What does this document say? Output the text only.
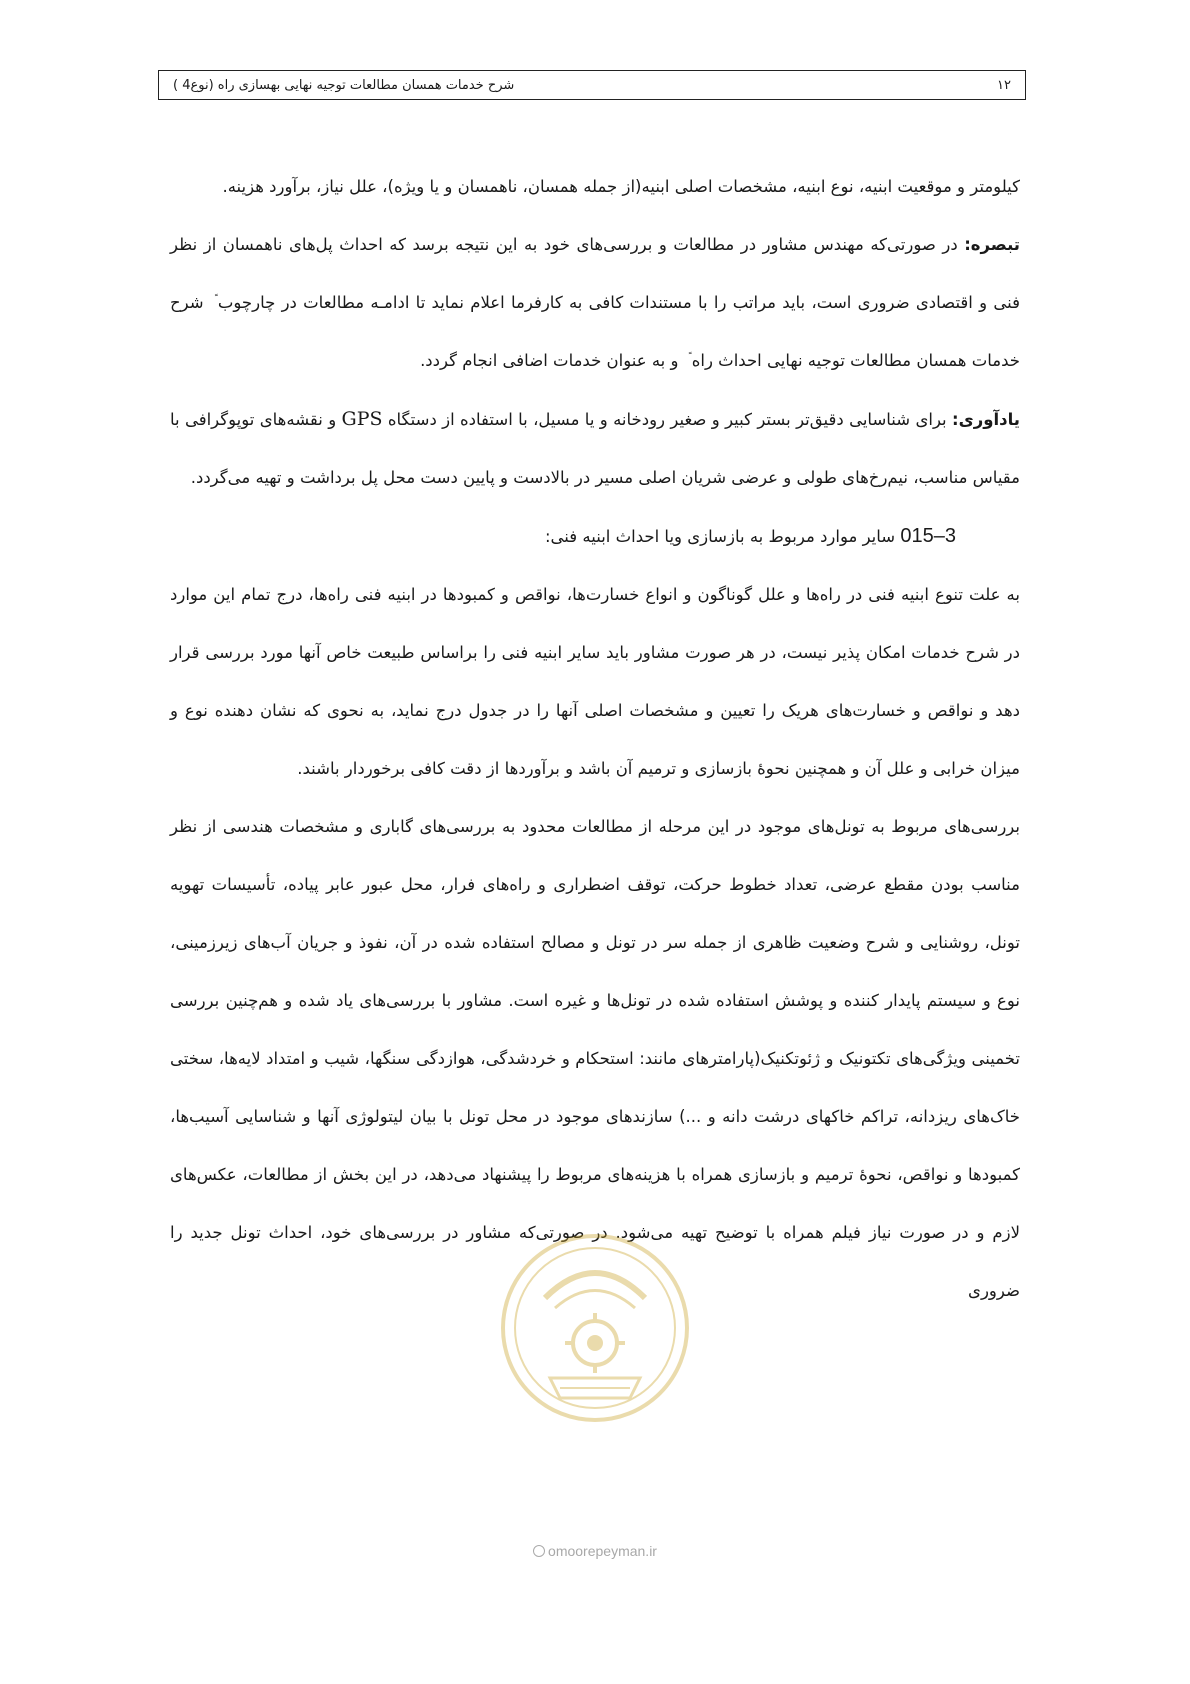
۱۲
شرح خدمات همسان مطالعات توجیه نهایی بهسازی راه (نوع4 )

کیلومتر و موقعیت ابنیه، نوع ابنیه، مشخصات اصلی ابنیه(از جمله همسان، ناهمسان و یا ویژه)، علل نیاز، برآورد هزینه.

تبصره: در صورتی‌که مهندس مشاور در مطالعات و بررسی‌های خود به این نتیجه برسد که احداث پل‌های ناهمسان از نظر فنی و اقتصادی ضروری است، باید مراتب را با مستندات کافی به کارفرما اعلام نماید تا ادامـه مطالعات در چارچوب شرح خدمات همسان مطالعات توجیه نهایی احداث راه و به عنوان خدمات اضافی انجام گردد.

یادآوری: برای شناسایی دقیق‌تر بستر کبیر و صغیر رودخانه و یا مسیل، با استفاده از دستگاه GPS و نقشه‌های توپوگرافی با مقیاس مناسب، نیم‌رخ‌های طولی و عرضی شریان اصلی مسیر در بالادست و پایین دست محل پل برداشت و تهیه می‌گردد.

3–015 سایر موارد مربوط به بازسازی ویا احداث ابنیه فنی:

به علت تنوع ابنیه فنی در راه‌ها و علل گوناگون و انواع خسارت‌ها، نواقص و کمبودها در ابنیه فنی راه‌ها، درج تمام این موارد در شرح خدمات امکان پذیر نیست، در هر صورت مشاور باید سایر ابنیه فنی را براساس طبیعت خاص آنها مورد بررسی قرار دهد و نواقص و خسارت‌های هریک را تعیین و مشخصات اصلی آنها را در جدول درج نماید، به نحوی که نشان دهنده نوع و میزان خرابی و علل آن و همچنین نحوهٔ بازسازی و ترمیم آن باشد و برآوردها از دقت کافی برخوردار باشند.

بررسی‌های مربوط به تونل‌های موجود در این مرحله از مطالعات محدود به بررسی‌های گاباری و مشخصات هندسی از نظر مناسب بودن مقطع عرضی، تعداد خطوط حرکت، توقف اضطراری و راه‌های فرار، محل عبور عابر پیاده، تأسیسات تهویه تونل، روشنایی و شرح وضعیت ظاهری از جمله سر در تونل و مصالح استفاده شده در آن، نفوذ و جریان آب‌های زیرزمینی، نوع و سیستم پایدار کننده و پوشش استفاده شده در تونل‌ها و غیره است. مشاور با بررسی‌های یاد شده و هم‌چنین بررسی تخمینی ویژگی‌های تکتونیک و ژئوتکنیک(پارامترهای مانند: استحکام و خردشدگی، هوازدگی سنگها، شیب و امتداد لایه‌ها، سختی خاک‌های ریزدانه، تراکم خاکهای درشت دانه و ...) سازندهای موجود در محل تونل با بیان لیتولوژی آنها و شناسایی آسیب‌ها، کمبودها و نواقص، نحوهٔ ترمیم و بازسازی همراه با هزینه‌های مربوط را پیشنهاد می‌دهد، در این بخش از مطالعات، عکس‌های لازم و در صورت نیاز فیلم همراه با توضیح تهیه می‌شود. در صورتی‌که مشاور در بررسی‌های خود، احداث تونل جدید را ضروری

omoorepeyman.ir
